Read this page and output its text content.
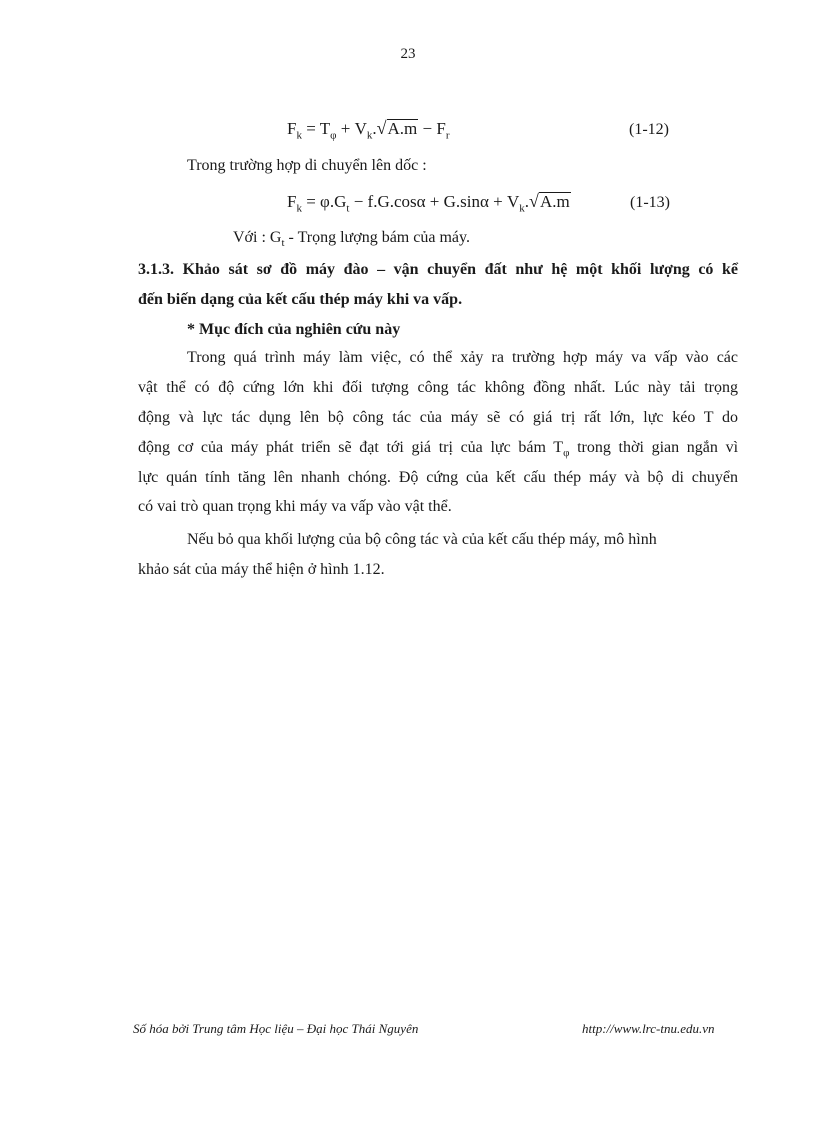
23
$F_k = T_\varphi + V_k.√A.m - F_r$	(1-12)
Trong trường hợp di chuyển lên dốc :
$F_k = \varphi.G_t - f.G.\cos\alpha + G.\sin\alpha + V_k.√A.m$	(1-13)
Với : $G_t$ - Trọng lượng bám của máy.
3.1.3. Khảo sát sơ đồ máy đào – vận chuyển đất như hệ một khối lượng có kể
đến biến dạng của kết cấu thép máy khi va vấp.
* Mục đích của nghiên cứu này
Trong quá trình máy làm việc, có thể xảy ra trường hợp máy va vấp vào các
vật thể có độ cứng lớn khi đối tượng công tác không đồng nhất. Lúc này tải trọng
động và lực tác dụng lên bộ công tác của máy sẽ có giá trị rất lớn, lực kéo T do
động cơ của máy phát triển sẽ đạt tới giá trị của lực bám $T_\varphi$ trong thời gian ngắn vì
lực quán tính tăng lên nhanh chóng. Độ cứng của kết cấu thép máy và bộ di chuyển
có vai trò quan trọng khi máy va vấp vào vật thể.
Nếu bỏ qua khối lượng của bộ công tác và của kết cấu thép máy, mô hình
khảo sát của máy thể hiện ở hình 1.12.
Số hóa bởi Trung tâm Học liệu – Đại học Thái Nguyên	http://www.lrc-tnu.edu.vn
